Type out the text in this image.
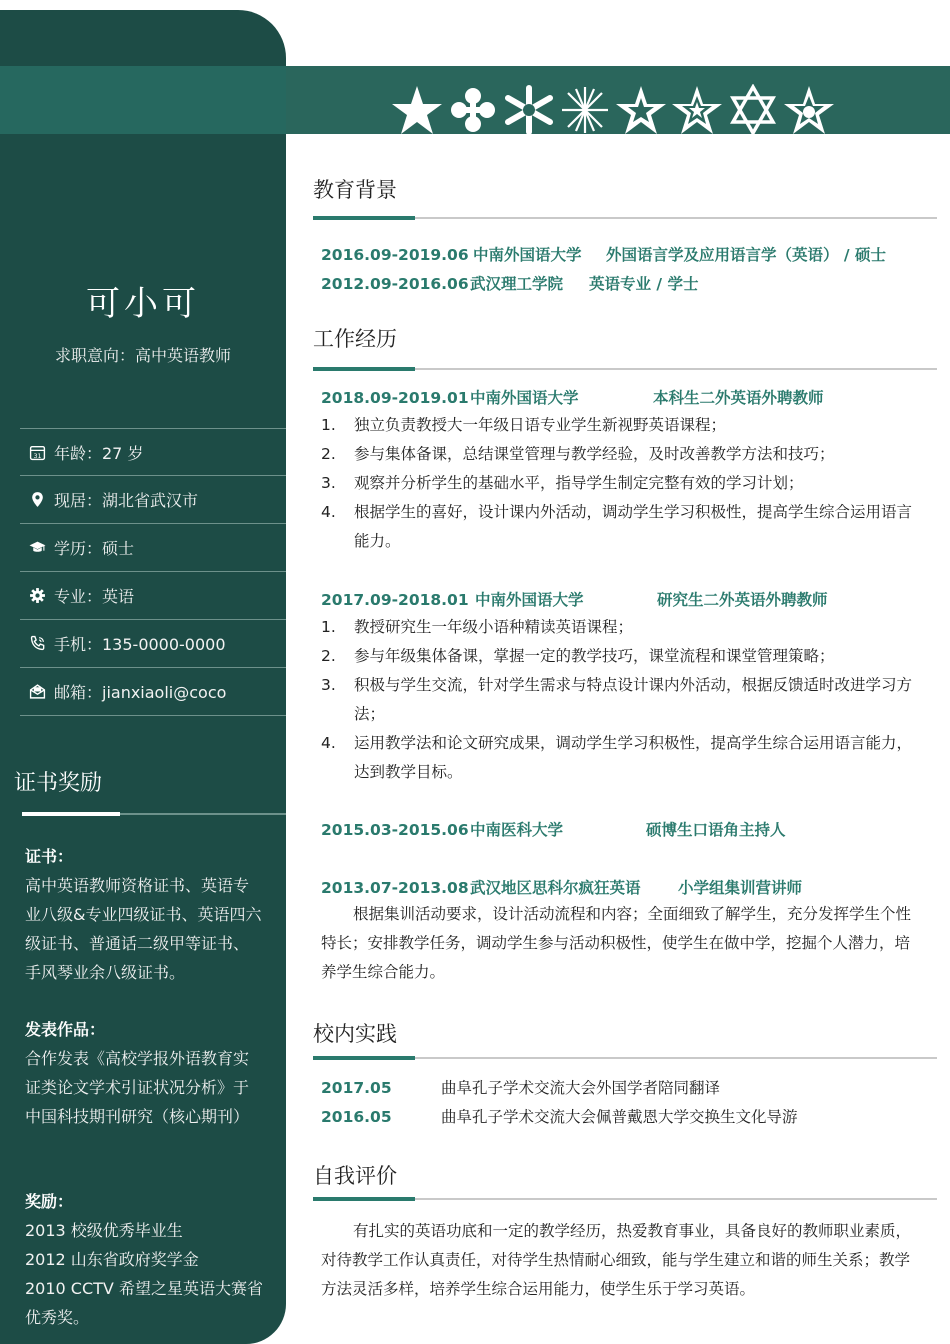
可小可
求职意向：高中英语教师
31 年龄：27 岁
现居：湖北省武汉市
学历：硕士
专业：英语
手机：135-0000-0000
邮箱：jianxiaoli@coco
证书奖励
证书：
高中英语教师资格证书、英语专业八级&专业四级证书、英语四六级证书、普通话二级甲等证书、手风琴业余八级证书。
发表作品：
合作发表《高校学报外语教育实证类论文学术引证状况分析》于中国科技期刊研究（核心期刊）
奖励：
2013 校级优秀毕业生
2012 山东省政府奖学金
2010 CCTV 希望之星英语大赛省优秀奖。
教育背景
2016.09-2019.06 中南外国语大学 外国语言学及应用语言学（英语） / 硕士
2012.09-2016.06武汉理工学院 英语专业 / 学士
工作经历
2018.09-2019.01中南外国语大学	本科生二外英语外聘教师
1.	独立负责教授大一年级日语专业学生新视野英语课程；
2.	参与集体备课，总结课堂管理与教学经验，及时改善教学方法和技巧；
3.	观察并分析学生的基础水平，指导学生制定完整有效的学习计划；
4.	根据学生的喜好，设计课内外活动，调动学生学习积极性，提高学生综合运用语言能力。
2017.09-2018.01 中南外国语大学	研究生二外英语外聘教师
1.	教授研究生一年级小语种精读英语课程；
2.	参与年级集体备课，掌握一定的教学技巧，课堂流程和课堂管理策略；
3.	积极与学生交流，针对学生需求与特点设计课内外活动，根据反馈适时改进学习方法；
4.	运用教学法和论文研究成果，调动学生学习积极性，提高学生综合运用语言能力，达到教学目标。
2015.03-2015.06中南医科大学	硕博生口语角主持人
2013.07-2013.08武汉地区思科尔疯狂英语 小学组集训营讲师
根据集训活动要求，设计活动流程和内容；全面细致了解学生，充分发挥学生个性特长；安排教学任务，调动学生参与活动积极性，使学生在做中学，挖掘个人潜力，培养学生综合能力。
校内实践
2017.05	曲阜孔子学术交流大会外国学者陪同翻译
2016.05	曲阜孔子学术交流大会佩普戴恩大学交换生文化导游
自我评价
有扎实的英语功底和一定的教学经历，热爱教育事业，具备良好的教师职业素质，对待教学工作认真责任，对待学生热情耐心细致，能与学生建立和谐的师生关系；教学方法灵活多样，培养学生综合运用能力，使学生乐于学习英语。
